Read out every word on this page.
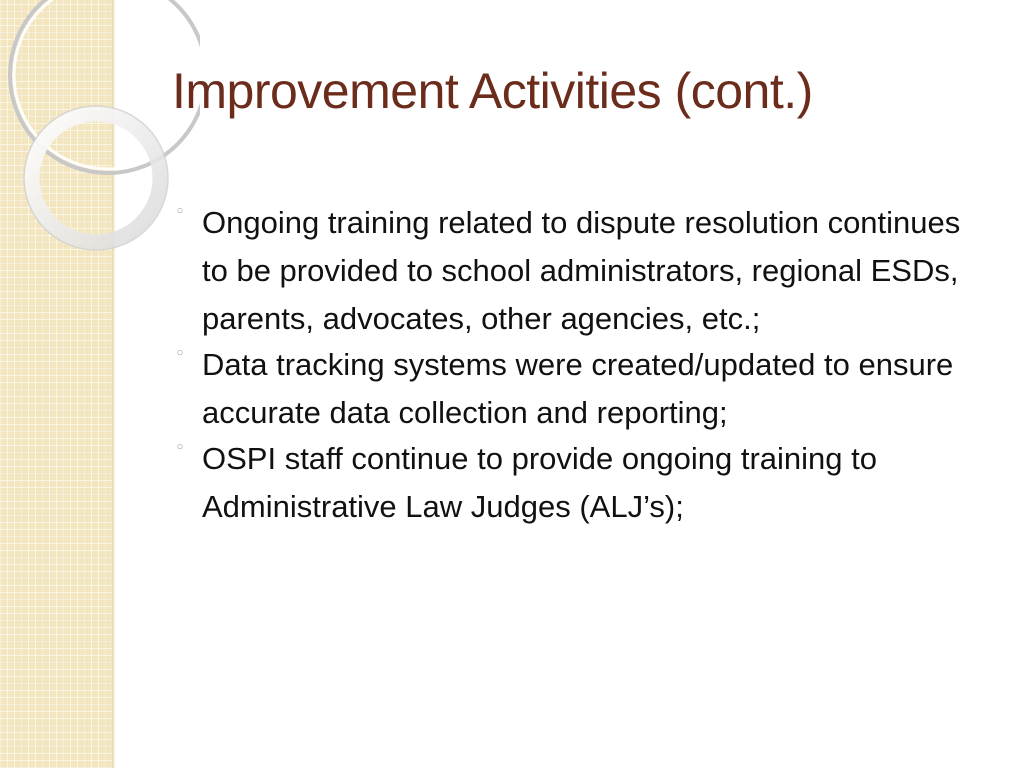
Improvement Activities (cont.)
◦ Ongoing training related to dispute resolution continues to be provided to school administrators, regional ESDs, parents, advocates, other agencies, etc.;
◦ Data tracking systems were created/updated to ensure accurate data collection and reporting;
◦ OSPI staff continue to provide ongoing training to Administrative Law Judges (ALJ’s);
